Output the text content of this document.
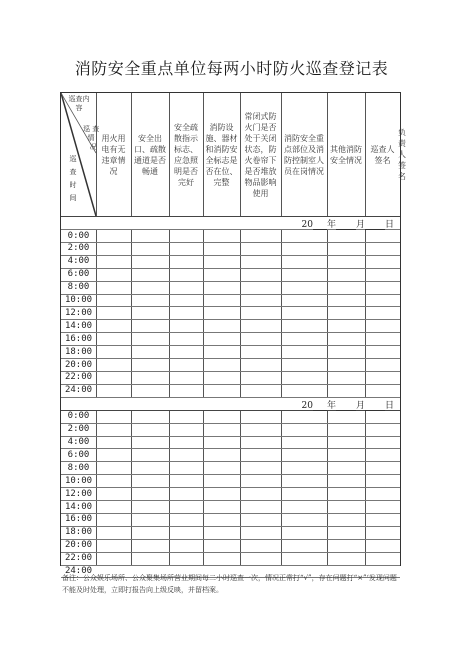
消防安全重点单位每两小时防火巡查登记表
巡查内
容
巡 查
情
况
巡
查
时
间
用火用电有无违章情况
安全出口、疏散通道是否畅通
安全疏散指示标志、应急照明是否完好
消防设施、器材和消防安全标志是否在位、完整
常闭式防火门是否处于关闭状态，防火卷帘下是否堆放物品影响使用
消防安全重点部位及消防控制室人员在岗情况
其他消防安全情况
巡查人签名
负责人签名
0:00
2:00
4:00
6:00
8:00
10:00
12:00
14:00
16:00
18:00
20:00
22:00
24:00
0:00
2:00
4:00
6:00
8:00
10:00
12:00
14:00
16:00
18:00
20:00
22:00
24:00
20 年 月 日
20 年 月 日
备注：公众娱乐场所、公众聚集场所营业期间每二小时巡查一次，情况正常打“√”，存在问题打“×”‘发现问题不能及时处理，立即打报告向上级反映，并留档案。
